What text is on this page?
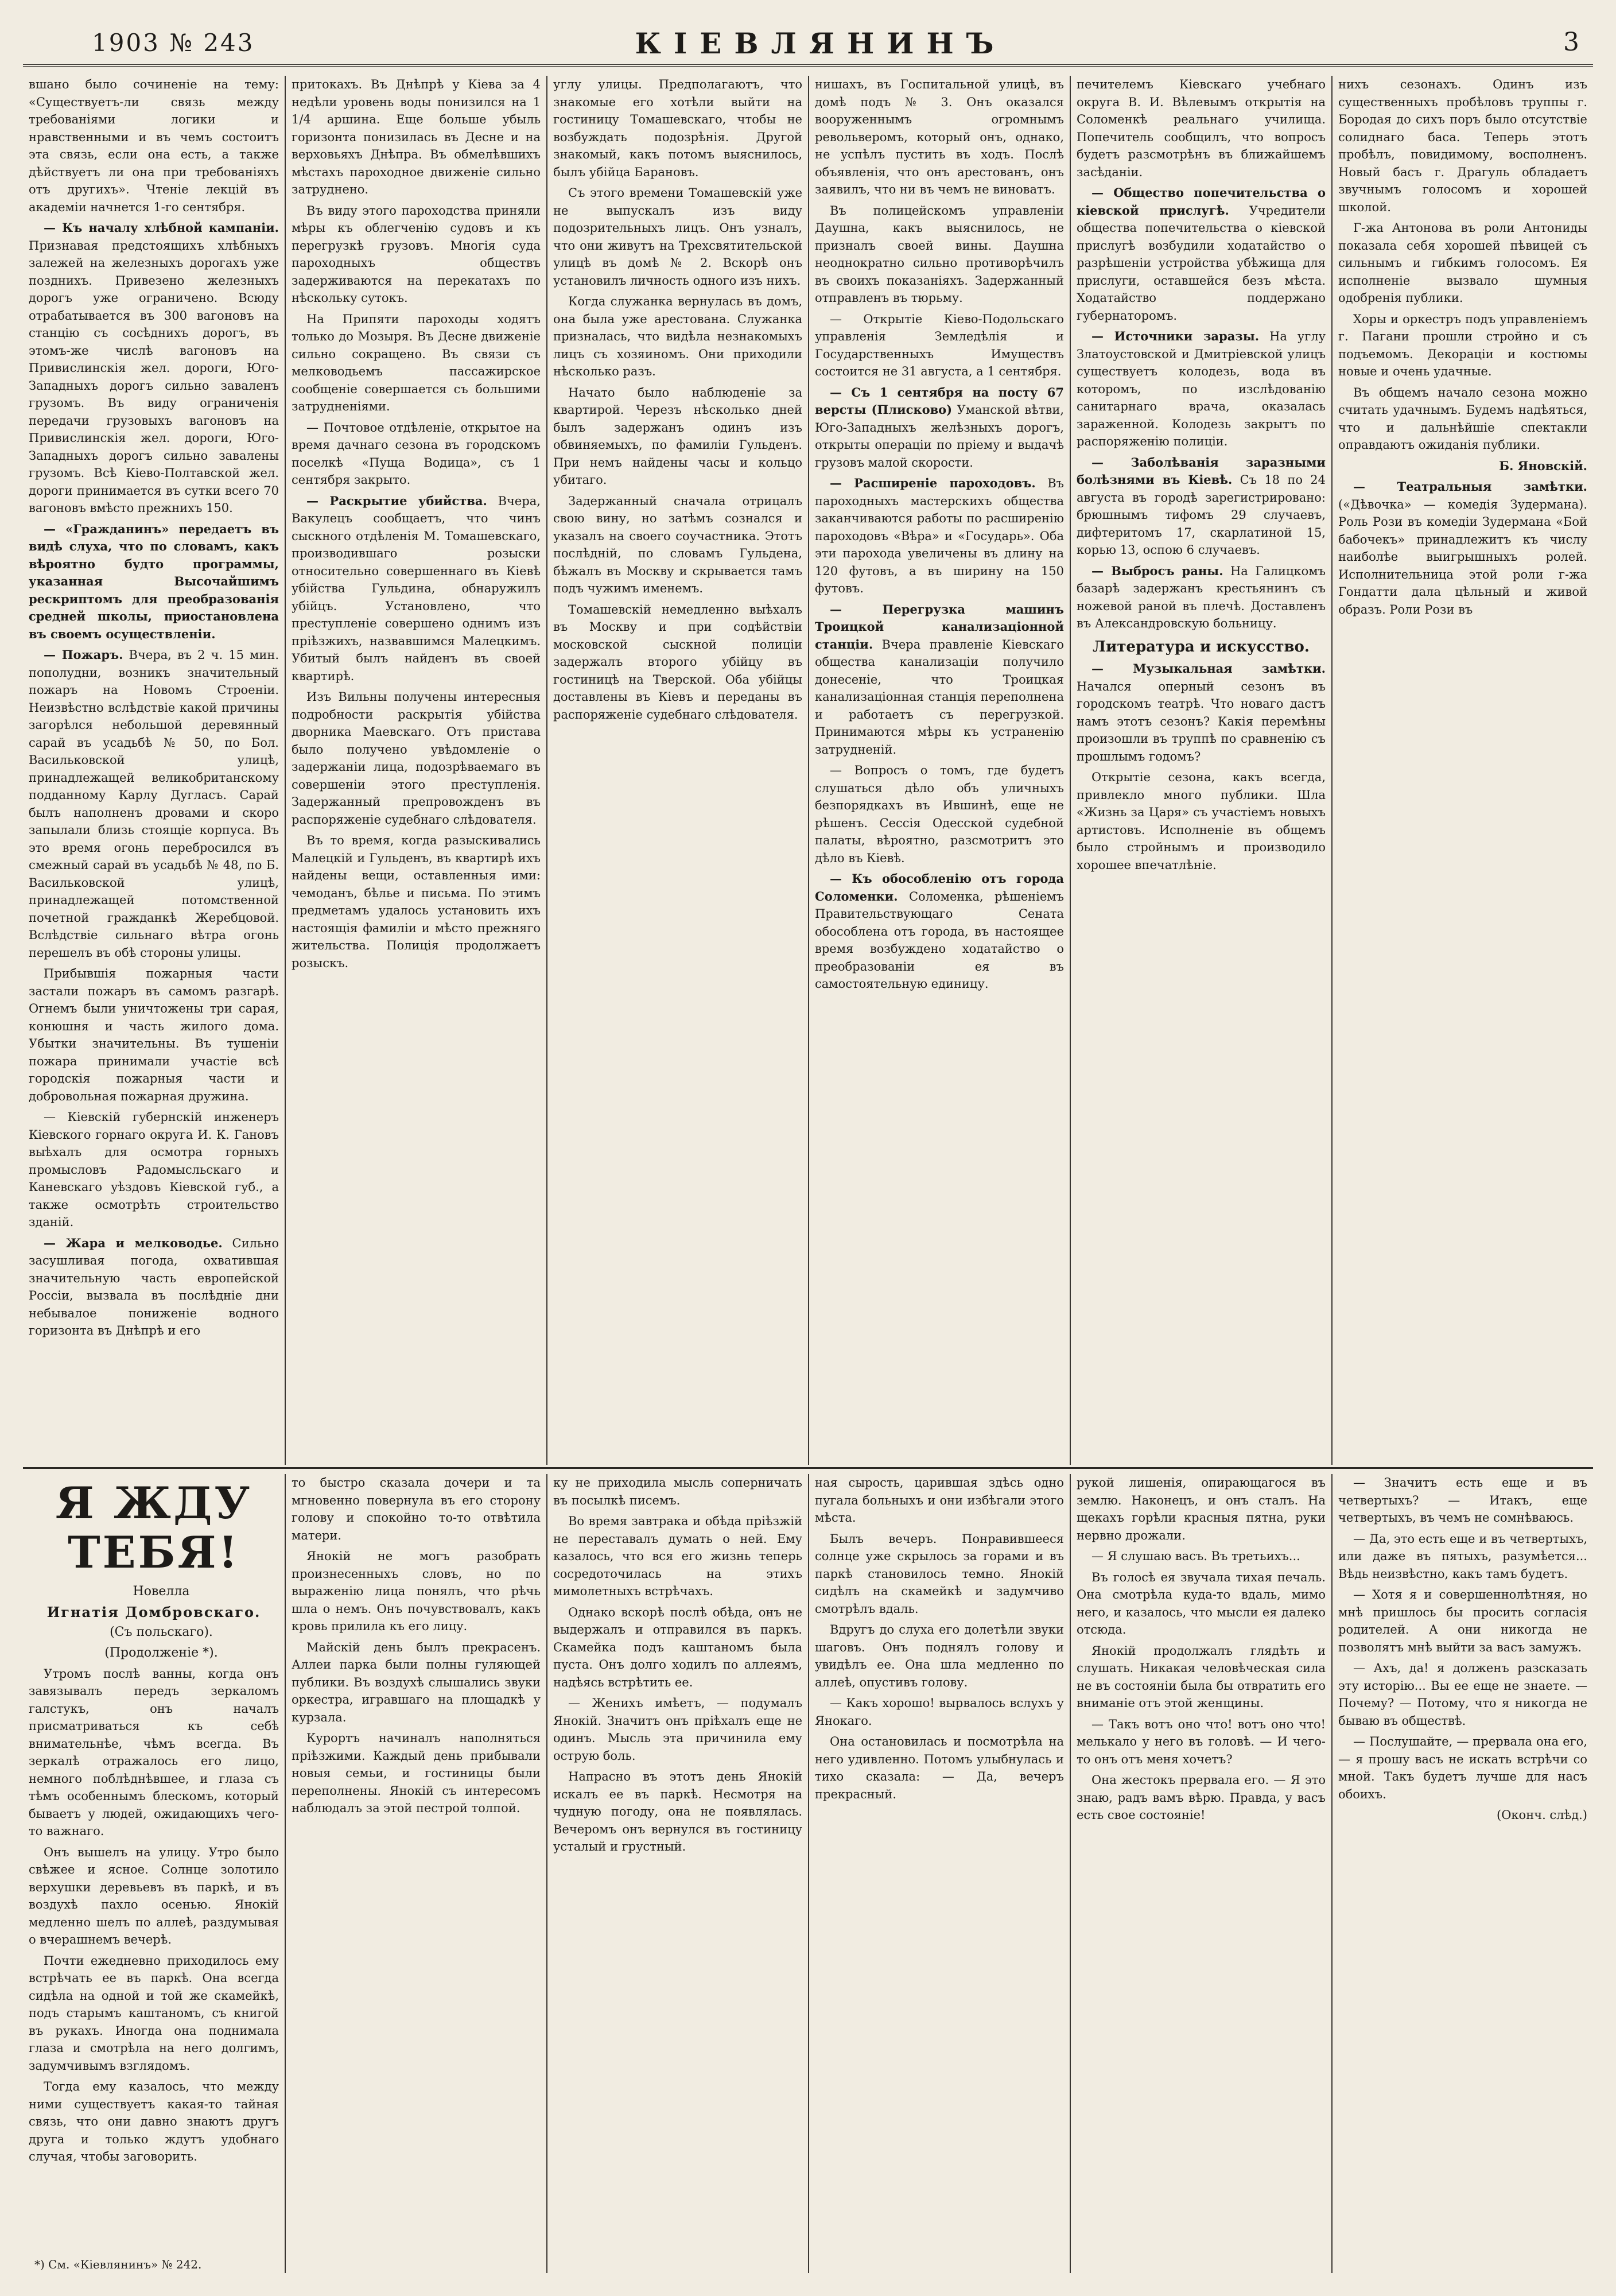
1903 № 243	КІЕВЛЯНИНЪ	3

вшано было сочиненіе на тему: «Существуетъ-ли связь между требованіями логики и нравственными и въ чемъ состоитъ эта связь, если она есть, а также дѣйствуетъ ли она при требованіяхъ отъ другихъ». Чтеніе лекцій въ академіи начнется 1-го сентября.

— Къ началу хлѣбной кампаніи. Признавая предстоящихъ хлѣбныхъ залежей на железныхъ дорогахъ уже позднихъ. Привезено железныхъ дорогъ уже ограничено. Всюду отрабатывается въ 300 вагоновъ на станцію съ сосѣднихъ дорогъ, въ этомъ-же числѣ вагоновъ на Привислинскія жел. дороги, Юго-Западныхъ дорогъ сильно заваленъ грузомъ. Въ виду ограниченія передачи грузовыхъ вагоновъ на Привислинскія жел. дороги, Юго-Западныхъ дорогъ сильно завалены грузомъ. Всѣ Кіево-Полтавской жел. дороги принимается въ сутки всего 70 вагоновъ вмѣсто прежнихъ 150.

— «Гражданинъ» передаетъ въ видѣ слуха, что по словамъ, какъ вѣроятно будто программы, указанная Высочайшимъ рескриптомъ для преобразованія средней школы, приостановлена въ своемъ осуществленіи.

— Пожаръ. Вчера, въ 2 ч. 15 мин. пополудни, возникъ значительный пожаръ на Новомъ Строеніи. Неизвѣстно вслѣдствіе какой причины загорѣлся небольшой деревянный сарай въ усадьбѣ № 50, по Бол. Васильковской улицѣ, принадлежащей великобританскому подданному Карлу Дугласъ. Сарай былъ наполненъ дровами и скоро запылали близь стоящіе корпуса. Въ это время огонь перебросился въ смежный сарай въ усадьбѣ № 48, по Б. Васильковской улицѣ, принадлежащей потомственной почетной гражданкѣ Жеребцовой. Вслѣдствіе сильнаго вѣтра огонь перешелъ въ обѣ стороны улицы.

Прибывшія пожарныя части застали пожаръ въ самомъ разгарѣ. Огнемъ были уничтожены три сарая, конюшня и часть жилого дома. Убытки значительны. Въ тушеніи пожара принимали участіе всѣ городскія пожарныя части и добровольная пожарная дружина.

— Кіевскій губернскій инженеръ Кіевского горнаго округа И. К. Гановъ выѣхалъ для осмотра горныхъ промысловъ Радомысльскаго и Каневскаго уѣздовъ Кіевской губ., а также осмотрѣть строительство зданій.

— Жара и мелководье. Сильно засушливая погода, охватившая значительную часть европейской Россіи, вызвала въ послѣдніе дни небывалое пониженіе водного горизонта въ Днѣпрѣ и его

притокахъ. Въ Днѣпрѣ у Кіева за 4 недѣли уровень воды понизился на 1 1/4 аршина. Еще больше убыль горизонта понизилась въ Десне и на верховьяхъ Днѣпра. Въ обмелѣвшихъ мѣстахъ пароходное движеніе сильно затруднено.

Въ виду этого пароходства приняли мѣры къ облегченію судовъ и къ перегрузкѣ грузовъ. Многія суда пароходныхъ обществъ задерживаются на перекатахъ по нѣскольку сутокъ.

На Припяти пароходы ходятъ только до Мозыря. Въ Десне движеніе сильно сокращено. Въ связи съ мелководьемъ пассажирское сообщеніе совершается съ большими затрудненіями.

— Почтовое отдѣленіе, открытое на время дачнаго сезона въ городскомъ поселкѣ «Пуща Водица», съ 1 сентября закрыто.

— Раскрытие убийства. Вчера, Вакулецъ сообщаетъ, что чинъ сыскного отдѣленія М. Томашевскаго, производившаго розыски относительно совершеннаго въ Кіевѣ убійства Гульдина, обнаружилъ убійцъ. Установлено, что преступленіе совершено однимъ изъ пріѣзжихъ, назвавшимся Малецкимъ. Убитый былъ найденъ въ своей квартирѣ.

Изъ Вильны получены интересныя подробности раскрытія убійства дворника Маевскаго. Отъ пристава было получено увѣдомленіе о задержаніи лица, подозрѣваемаго въ совершеніи этого преступленія. Задержанный препровожденъ въ распоряженіе судебнаго слѣдователя.

Въ то время, когда разыскивались Малецкій и Гульденъ, въ квартирѣ ихъ найдены вещи, оставленныя ими: чемоданъ, бѣлье и письма. По этимъ предметамъ удалось установить ихъ настоящія фамиліи и мѣсто прежняго жительства. Полиція продолжаетъ розыскъ.

углу улицы. Предполагаютъ, что знакомые его хотѣли выйти на гостиницу Томашевскаго, чтобы не возбуждать подозрѣнія. Другой знакомый, какъ потомъ выяснилось, былъ убійца Барановъ.

Съ этого времени Томашевскій уже не выпускалъ изъ виду подозрительныхъ лицъ. Онъ узналъ, что они живутъ на Трехсвятительской улицѣ въ домѣ № 2. Вскорѣ онъ установилъ личность одного изъ нихъ.

Когда служанка вернулась въ домъ, она была уже арестована. Служанка призналась, что видѣла незнакомыхъ лицъ съ хозяиномъ. Они приходили нѣсколько разъ.

Начато было наблюденіе за квартирой. Черезъ нѣсколько дней былъ задержанъ одинъ изъ обвиняемыхъ, по фамиліи Гульденъ. При немъ найдены часы и кольцо убитаго.

Задержанный сначала отрицалъ свою вину, но затѣмъ сознался и указалъ на своего соучастника. Этотъ послѣдній, по словамъ Гульдена, бѣжалъ въ Москву и скрывается тамъ подъ чужимъ именемъ.

Томашевскій немедленно выѣхалъ въ Москву и при содѣйствіи московской сыскной полиціи задержалъ второго убійцу въ гостиницѣ на Тверской. Оба убійцы доставлены въ Кіевъ и переданы въ распоряженіе судебнаго слѣдователя.

нишахъ, въ Госпитальной улицѣ, въ домѣ подъ № 3. Онъ оказался вооруженнымъ огромнымъ револьверомъ, который онъ, однако, не успѣлъ пустить въ ходъ. Послѣ объявленія, что онъ арестованъ, онъ заявилъ, что ни въ чемъ не виноватъ.

Въ полицейскомъ управленіи Даушна, какъ выяснилось, не призналъ своей вины. Даушна неоднократно сильно противорѣчилъ въ своихъ показаніяхъ. Задержанный отправленъ въ тюрьму.

— Открытіе Кіево-Подольскаго управленія Земледѣлія и Государственныхъ Имуществъ состоится не 31 августа, а 1 сентября.

— Съ 1 сентября на посту 67 версты (Плисково) Уманской вѣтви, Юго-Западныхъ желѣзныхъ дорогъ, открыты операціи по пріему и выдачѣ грузовъ малой скорости.

— Расширеніе пароходовъ. Въ пароходныхъ мастерскихъ общества заканчиваются работы по расширенію пароходовъ «Вѣра» и «Государь». Оба эти парохода увеличены въ длину на 120 футовъ, а въ ширину на 150 футовъ.

— Перегрузка машинъ Троицкой канализаціонной станціи. Вчера правленіе Кіевскаго общества канализаціи получило донесеніе, что Троицкая канализаціонная станція переполнена и работаетъ съ перегрузкой. Принимаются мѣры къ устраненію затрудненій.

— Вопросъ о томъ, где будетъ слушаться дѣло объ уличныхъ безпорядкахъ въ Ившинѣ, еще не рѣшенъ. Сессія Одесской судебной палаты, вѣроятно, разсмотритъ это дѣло въ Кіевѣ.

— Къ обособленію отъ города Соломенки. Соломенка, рѣшеніемъ Правительствующаго Сената обособлена отъ города, въ настоящее время возбуждено ходатайство о преобразованіи ея въ самостоятельную единицу.

печителемъ Кіевскаго учебнаго округа В. И. Вѣлевымъ открытія на Соломенкѣ реальнаго училища. Попечитель сообщилъ, что вопросъ будетъ разсмотрѣнъ въ ближайшемъ засѣданіи.

— Общество попечительства о кіевской прислугѣ. Учредители общества попечительства о кіевской прислугѣ возбудили ходатайство о разрѣшеніи устройства убѣжища для прислуги, оставшейся безъ мѣста. Ходатайство поддержано губернаторомъ.

— Источники заразы. На углу Златоустовской и Дмитріевской улицъ существуетъ колодезь, вода въ которомъ, по изслѣдованію санитарнаго врача, оказалась зараженной. Колодезь закрытъ по распоряженію полиціи.

— Заболѣванія заразными болѣзнями въ Кіевѣ. Съ 18 по 24 августа въ городѣ зарегистрировано: брюшнымъ тифомъ 29 случаевъ, дифтеритомъ 17, скарлатиной 15, корью 13, оспою 6 случаевъ.

— Выбросъ раны. На Галицкомъ базарѣ задержанъ крестьянинъ съ ножевой раной въ плечѣ. Доставленъ въ Александровскую больницу.

Литература и искусство.

— Музыкальная замѣтки. Начался оперный сезонъ въ городскомъ театрѣ. Что новаго дастъ намъ этотъ сезонъ? Какія перемѣны произошли въ труппѣ по сравненію съ прошлымъ годомъ?

Открытіе сезона, какъ всегда, привлекло много публики. Шла «Жизнь за Царя» съ участіемъ новыхъ артистовъ. Исполненіе въ общемъ было стройнымъ и производило хорошее впечатлѣніе.

нихъ сезонахъ. Одинъ изъ существенныхъ пробѣловъ труппы г. Бородая до сихъ поръ было отсутствіе солиднаго баса. Теперь этотъ пробѣлъ, повидимому, восполненъ. Новый басъ г. Драгуль обладаетъ звучнымъ голосомъ и хорошей школой.

Г-жа Антонова въ роли Антониды показала себя хорошей пѣвицей съ сильнымъ и гибкимъ голосомъ. Ея исполненіе вызвало шумныя одобренія публики.

Хоры и оркестръ подъ управленіемъ г. Пагани прошли стройно и съ подъемомъ. Декораціи и костюмы новые и очень удачные.

Въ общемъ начало сезона можно считать удачнымъ. Будемъ надѣяться, что и дальнѣйшіе спектакли оправдаютъ ожиданія публики.

Б. Яновскій.

— Театральныя замѣтки. («Дѣвочка» — комедія Зудермана). Роль Рози въ комедіи Зудермана «Бой бабочекъ» принадлежитъ къ числу наиболѣе выигрышныхъ ролей. Исполнительница этой роли г-жа Гондатти дала цѣльный и живой образъ. Роли Рози въ

Я ЖДУ ТЕБЯ!

Новелла

Игнатія Домбровскаго.

(Съ польскаго).

(Продолженіе *).

Утромъ послѣ ванны, когда онъ завязывалъ передъ зеркаломъ галстукъ, онъ началъ присматриваться къ себѣ внимательнѣе, чѣмъ всегда. Въ зеркалѣ отражалось его лицо, немного поблѣднѣвшее, и глаза съ тѣмъ особеннымъ блескомъ, который бываетъ у людей, ожидающихъ чего-то важнаго.

Онъ вышелъ на улицу. Утро было свѣжее и ясное. Солнце золотило верхушки деревьевъ въ паркѣ, и въ воздухѣ пахло осенью. Янокій медленно шелъ по аллеѣ, раздумывая о вчерашнемъ вечерѣ.

Почти ежедневно приходилось ему встрѣчать ее въ паркѣ. Она всегда сидѣла на одной и той же скамейкѣ, подъ старымъ каштаномъ, съ книгой въ рукахъ. Иногда она поднимала глаза и смотрѣла на него долгимъ, задумчивымъ взглядомъ.

Тогда ему казалось, что между ними существуетъ какая-то тайная связь, что они давно знаютъ другъ друга и только ждутъ удобнаго случая, чтобы заговорить.

*) См. «Кіевлянинъ» № 242.

то быстро сказала дочери и та мгновенно повернула въ его сторону голову и спокойно то-то отвѣтила матери.

Янокій не могъ разобрать произнесенныхъ словъ, но по выраженію лица понялъ, что рѣчь шла о немъ. Онъ почувствовалъ, какъ кровь прилила къ его лицу.

Майскій день былъ прекрасенъ. Аллеи парка были полны гуляющей публики. Въ воздухѣ слышались звуки оркестра, игравшаго на площадкѣ у курзала.

Курортъ начиналъ наполняться пріѣзжими. Каждый день прибывали новыя семьи, и гостиницы были переполнены. Янокій съ интересомъ наблюдалъ за этой пестрой толпой.

ку не приходила мысль сопернича͏ть въ посылкѣ писемъ.

Во время завтрака и обѣда пріѣзжій не переставалъ думать о ней. Ему казалось, что вся его жизнь теперь сосредоточилась на этихъ мимолетныхъ встрѣчахъ.

Однако вскорѣ послѣ обѣда, онъ не выдержалъ и отправился въ паркъ. Скамейка подъ каштаномъ была пуста. Онъ долго ходилъ по аллеямъ, надѣясь встрѣтить ее.

— Женихъ имѣетъ, — подумалъ Янокій. Значитъ онъ пріѣхалъ еще не одинъ. Мысль эта причинила ему острую боль.

Напрасно въ этотъ день Янокій искалъ ее въ паркѣ. Несмотря на чудную погоду, она не появлялась. Вечеромъ онъ вернулся въ гостиницу усталый и грустный.

ная сырость, царившая здѣсь одно пугала больныхъ и они избѣгали этого мѣста.

Былъ вечеръ. Понравившееся солнце уже скрылось за горами и въ паркѣ становилось темно. Янокій сидѣлъ на скамейкѣ и задумчиво смотрѣлъ вдаль.

Вдругъ до слуха его долетѣли звуки шаговъ. Онъ поднялъ голову и увидѣлъ ее. Она шла медленно по аллеѣ, опустивъ голову.

— Какъ хорошо! вырвалось вслухъ у Янокаго.

Она остановилась и посмотрѣла на него удивленно. Потомъ улыбнулась и тихо сказала: — Да, вечеръ прекрасный.

рукой лишенія, опирающагося въ землю. Наконецъ, и онъ сталъ. На щекахъ горѣли красныя пятна, руки нервно дрожали.

— Я слушаю васъ. Въ третьихъ...

Въ голосѣ ея звучала тихая печаль. Она смотрѣла куда-то вдаль, мимо него, и казалось, что мысли ея далеко отсюда.

Янокій продолжалъ глядѣть и слушать. Никакая человѣческая сила не въ состояніи была бы отвратить его вниманіе отъ этой женщины.

— Такъ вотъ оно что! вотъ оно что! мелькало у него въ головѣ. — И чего-то онъ отъ меня хочетъ?

Она жестокъ прервала его. — Я это знаю, радъ вамъ вѣрю. Правда, у васъ есть свое состояніе!

— Значитъ есть еще и въ четвертыхъ? — Итакъ, еще четвертыхъ, въ чемъ не сомнѣваюсь.

— Да, это есть еще и въ четвертыхъ, или даже въ пятыхъ, разумѣется... Вѣдь неизвѣстно, какъ тамъ будетъ.

— Хотя я и совершеннолѣтняя, но мнѣ пришлось бы просить согласія родителей. А они никогда не позволятъ мнѣ выйти за васъ замужъ.

— Ахъ, да! я долженъ разсказать эту исторію... Вы ее еще не знаете. — Почему? — Потому, что я никогда не бываю въ обществѣ.

— Послушайте, — прервала она его, — я прошу васъ не искать встрѣчи со мной. Такъ будетъ лучше для насъ обоихъ.

(Оконч. слѣд.)
